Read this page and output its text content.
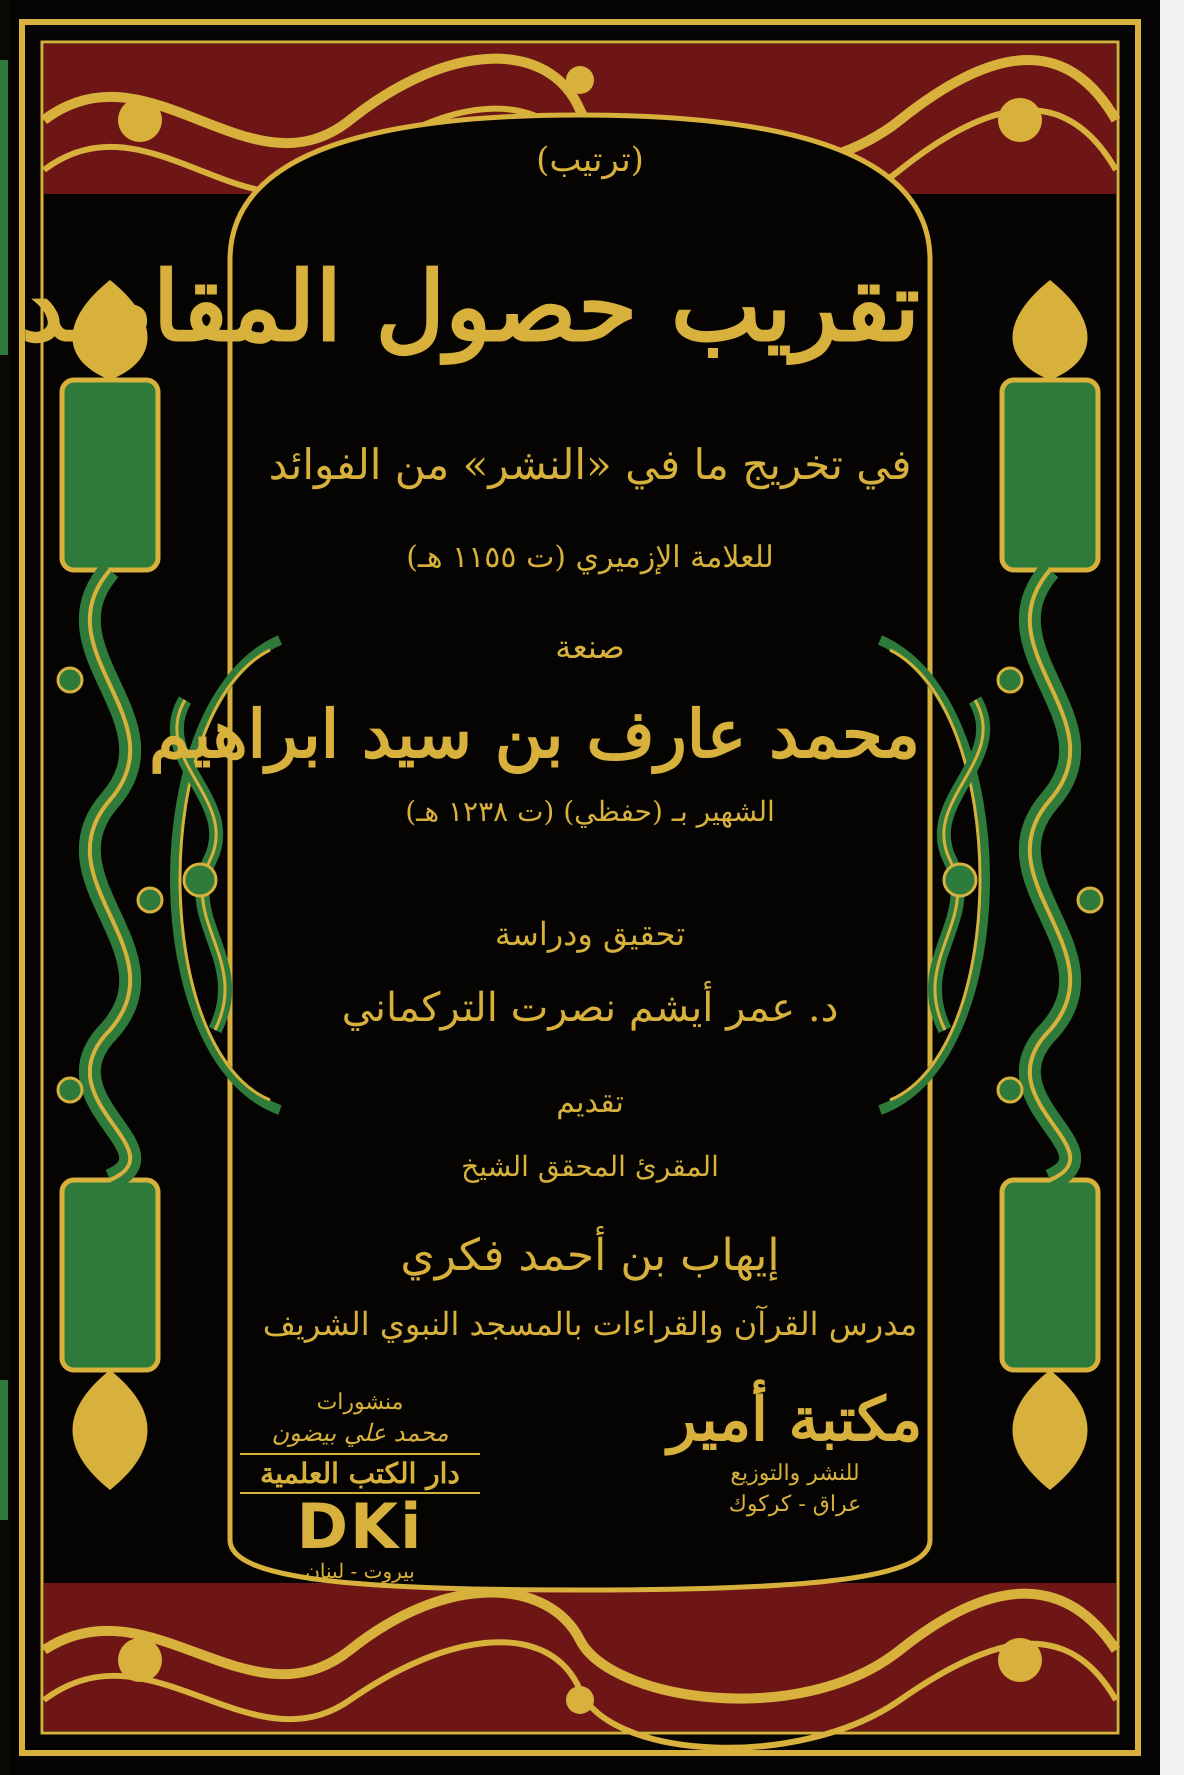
(ترتيب)
تقريب حصول المقاصد
في تخريج ما في «النشر» من الفوائد
للعلامة الإزميري (ت ١١٥٥ هـ)
صنعة
محمد عارف بن سيد ابراهيم
الشهير بـ (حفظي) (ت ١٢٣٨ هـ)
تحقيق ودراسة
د. عمر أيشم نصرت التركماني
تقديم
المقرئ المحقق الشيخ
إيهاب بن أحمد فكري
مدرس القرآن والقراءات بالمسجد النبوي الشريف
مكتبة أمير
للنشر والتوزيع
عراق - كركوك
منشورات
محمد علي بيضون
دار الكتب العلمية
DKi
بيروت - لبنان
